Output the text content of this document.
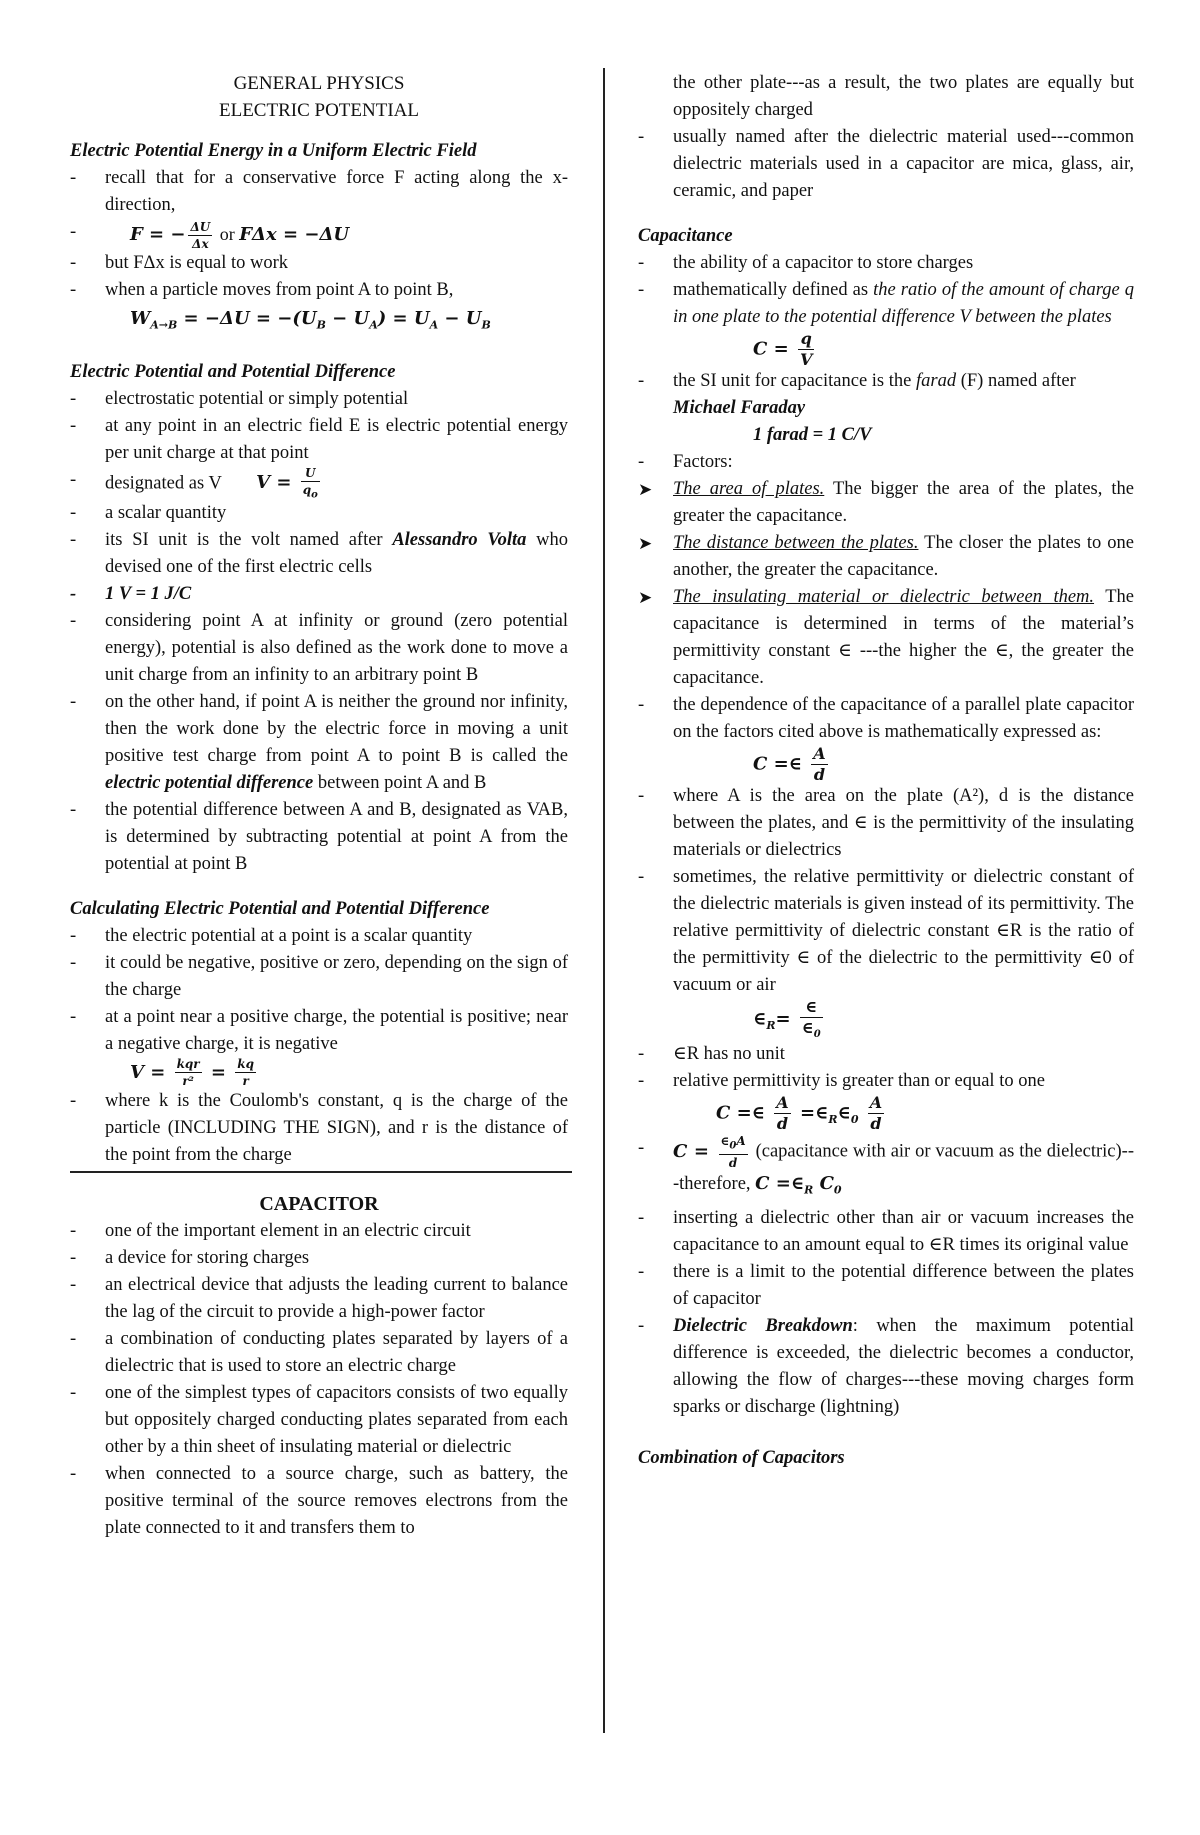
GENERAL PHYSICS
ELECTRIC POTENTIAL
Electric Potential Energy in a Uniform Electric Field
- recall that for a conservative force F acting along the x-direction,
F = − $\frac{\Delta U}{\Delta x}$ or FΔx = −ΔU
- but FΔx is equal to work
- when a particle moves from point A to point B,
$W_{A\to B} = -\Delta U = -(U_B - U_A) = U_A - U_B$
Electric Potential and Potential Difference
- electrostatic potential or simply potential
- at any point in an electric field E is electric potential energy per unit charge at that point
- designated as V $V = \frac{U}{q_o}$
- a scalar quantity
- its SI unit is the volt named after Alessandro Volta who devised one of the first electric cells
- 1 V = 1 J/C
- considering point A at infinity or ground (zero potential energy), potential is also defined as the work done to move a unit charge from an infinity to an arbitrary point B
- on the other hand, if point A is neither the ground nor infinity, then the work done by the electric force in moving a unit positive test charge from point A to point B is called the electric potential difference between point A and B
- the potential difference between A and B, designated as VAB, is determined by subtracting potential at point A from the potential at point B
Calculating Electric Potential and Potential Difference
- the electric potential at a point is a scalar quantity
- it could be negative, positive or zero, depending on the sign of the charge
- at a point near a positive charge, the potential is positive; near a negative charge, it is negative
$V = \frac{\text{kqr}}{\text{r²}} = \frac{kq}{r}$
- where k is the Coulomb's constant, q is the charge of the particle (INCLUDING THE SIGN), and r is the distance of the point from the charge
CAPACITOR
- one of the important element in an electric circuit
- a device for storing charges
- an electrical device that adjusts the leading current to balance the lag of the circuit to provide a high-power factor
- a combination of conducting plates separated by layers of a dielectric that is used to store an electric charge
- one of the simplest types of capacitors consists of two equally but oppositely charged conducting plates separated from each other by a thin sheet of insulating material or dielectric
- when connected to a source charge, such as battery, the positive terminal of the source removes electrons from the plate connected to it and transfers them to
the other plate---as a result, the two plates are equally but oppositely charged
- usually named after the dielectric material used---common dielectric materials used in a capacitor are mica, glass, air, ceramic, and paper
Capacitance
- the ability of a capacitor to store charges
- mathematically defined as the ratio of the amount of charge q in one plate to the potential difference V between the plates
$C = \frac{q}{V}$
- the SI unit for capacitance is the farad (F) named after
Michael Faraday
1 farad = 1 C/V
- Factors:
➤ The area of plates. The bigger the area of the plates, the greater the capacitance.
➤ The distance between the plates. The closer the plates to one another, the greater the capacitance.
➤ The insulating material or dielectric between them. The capacitance is determined in terms of the material’s permittivity constant ∈ ---the higher the ∈, the greater the capacitance.
- the dependence of the capacitance of a parallel plate capacitor on the factors cited above is mathematically expressed as:
C =∈ $\frac{A}{d}$
- where A is the area on the plate (A²), d is the distance between the plates, and ∈ is the permittivity of the insulating materials or dielectrics
- sometimes, the relative permittivity or dielectric constant of the dielectric materials is given instead of its permittivity. The relative permittivity of dielectric constant ∈R is the ratio of the permittivity ∈ of the dielectric to the permittivity ∈0 of vacuum or air
$\in_R= \frac{\in}{\in_0}$
- ∈R has no unit
- relative permittivity is greater than or equal to one
C =∈ $\frac{A}{d}$ $=\in_R\in_0 \frac{A}{d}$
- $C = \frac{\in_0A}{d}$ (capacitance with air or vacuum as the dielectric)---therefore, $C =\in_R$ $C_0$
- inserting a dielectric other than air or vacuum increases the capacitance to an amount equal to ∈R times its original value
- there is a limit to the potential difference between the plates of capacitor
- Dielectric Breakdown: when the maximum potential difference is exceeded, the dielectric becomes a conductor, allowing the flow of charges---these moving charges form sparks or discharge (lightning)
Combination of Capacitors
